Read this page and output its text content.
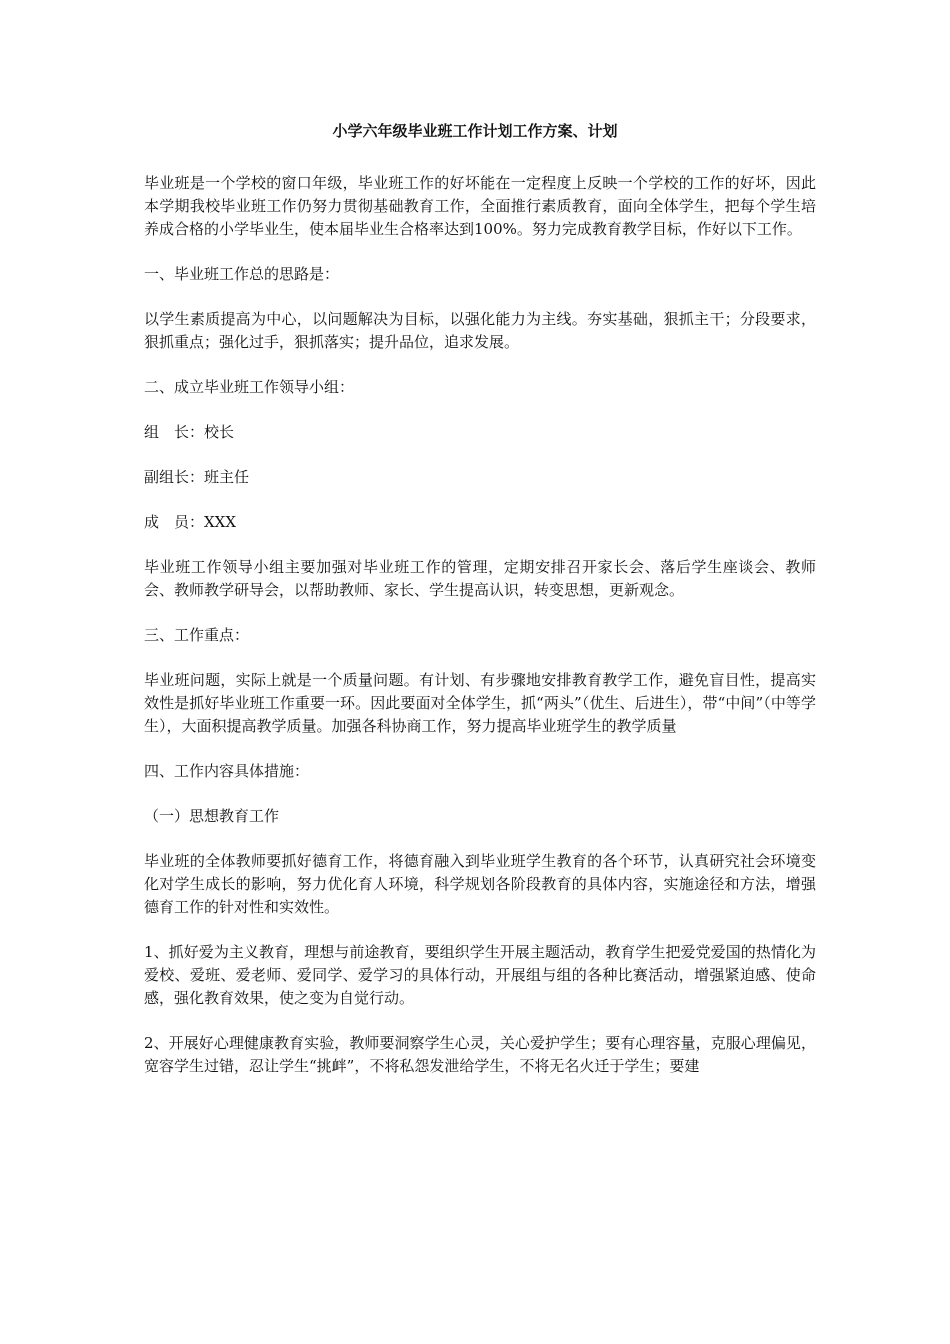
小学六年级毕业班工作计划工作方案、计划

毕业班是一个学校的窗口年级，毕业班工作的好坏能在一定程度上反映一个学校的工作的好坏，因此本学期我校毕业班工作仍努力贯彻基础教育工作，全面推行素质教育，面向全体学生，把每个学生培养成合格的小学毕业生，使本届毕业生合格率达到100%。努力完成教育教学目标，作好以下工作。

一、毕业班工作总的思路是：

以学生素质提高为中心，以问题解决为目标，以强化能力为主线。夯实基础，狠抓主干；分段要求，狠抓重点；强化过手，狠抓落实；提升品位，追求发展。

二、成立毕业班工作领导小组：

组　长：校长

副组长：班主任

成　员：XXX

毕业班工作领导小组主要加强对毕业班工作的管理，定期安排召开家长会、落后学生座谈会、教师会、教师教学研导会，以帮助教师、家长、学生提高认识，转变思想，更新观念。

三、工作重点：

毕业班问题，实际上就是一个质量问题。有计划、有步骤地安排教育教学工作，避免盲目性，提高实效性是抓好毕业班工作重要一环。因此要面对全体学生，抓“两头”（优生、后进生），带“中间”（中等学生），大面积提高教学质量。加强各科协商工作，努力提高毕业班学生的教学质量

四、工作内容具体措施：

（一）思想教育工作

毕业班的全体教师要抓好德育工作，将德育融入到毕业班学生教育的各个环节，认真研究社会环境变化对学生成长的影响，努力优化育人环境，科学规划各阶段教育的具体内容，实施途径和方法，增强德育工作的针对性和实效性。

1、抓好爱为主义教育，理想与前途教育，要组织学生开展主题活动，教育学生把爱党爱国的热情化为爱校、爱班、爱老师、爱同学、爱学习的具体行动，开展组与组的各种比赛活动，增强紧迫感、使命感，强化教育效果，使之变为自觉行动。

2、开展好心理健康教育实验，教师要洞察学生心灵，关心爱护学生；要有心理容量，克服心理偏见，宽容学生过错，忍让学生“挑衅”，不将私怨发泄给学生，不将无名火迁于学生；要建
